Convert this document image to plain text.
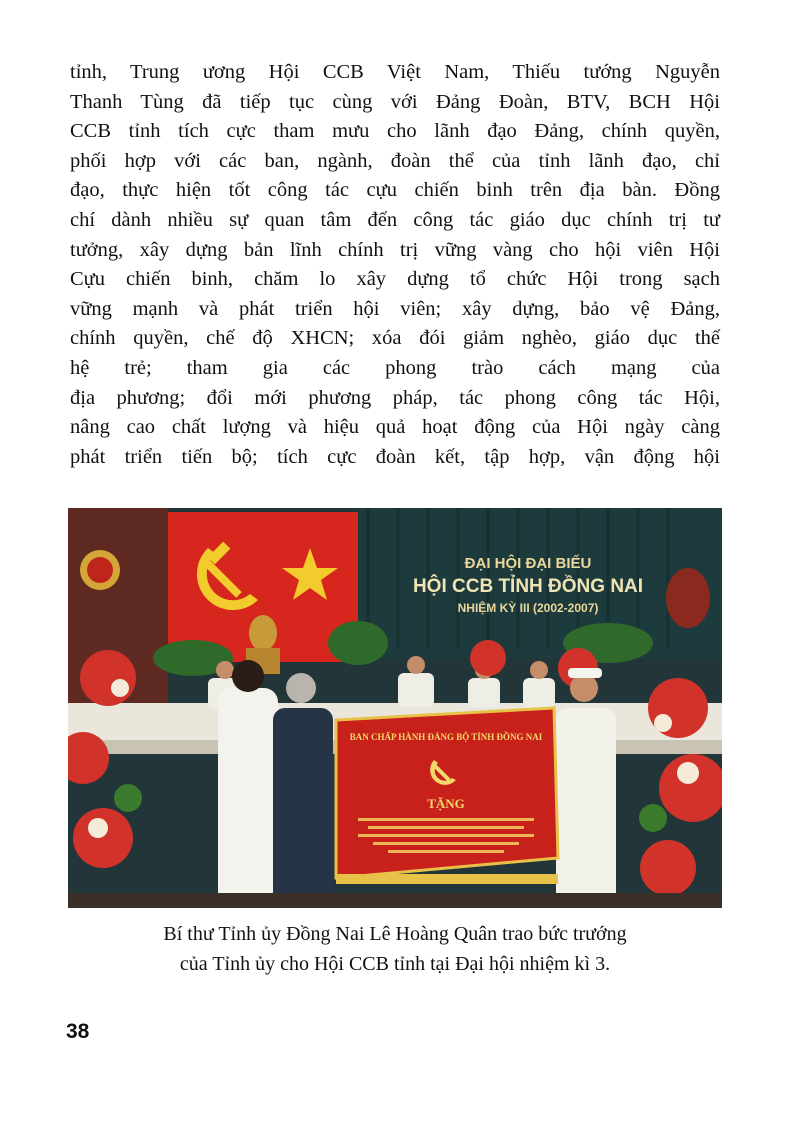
tỉnh, Trung ương Hội CCB Việt Nam, Thiếu tướng Nguyễn
Thanh Tùng đã tiếp tục cùng với Đảng Đoàn, BTV, BCH Hội
CCB tỉnh tích cực tham mưu cho lãnh đạo Đảng, chính quyền,
phối hợp với các ban, ngành, đoàn thể của tỉnh lãnh đạo, chỉ
đạo, thực hiện tốt công tác cựu chiến binh trên địa bàn. Đồng
chí dành nhiều sự quan tâm đến công tác giáo dục chính trị tư
tưởng, xây dựng bản lĩnh chính trị vững vàng cho hội viên Hội
Cựu chiến binh, chăm lo xây dựng tổ chức Hội trong sạch
vững mạnh và phát triển hội viên; xây dựng, bảo vệ Đảng,
chính quyền, chế độ XHCN; xóa đói giảm nghèo, giáo dục thế
hệ trẻ; tham gia các phong trào cách mạng của
địa phương; đổi mới phương pháp, tác phong công tác Hội,
nâng cao chất lượng và hiệu quả hoạt động của Hội ngày càng
phát triển tiến bộ; tích cực đoàn kết, tập hợp, vận động hội
ĐẠI HỘI ĐẠI BIỂU
HỘI CCB TỈNH ĐỒNG NAI
NHIỆM KỲ III (2002-2007)
BAN CHẤP HÀNH ĐẢNG BỘ TỈNH ĐỒNG NAI
TẶNG
Bí thư Tỉnh ủy Đồng Nai Lê Hoàng Quân trao bức trướng
của Tỉnh ủy cho Hội CCB tỉnh tại Đại hội nhiệm kì 3.
38
